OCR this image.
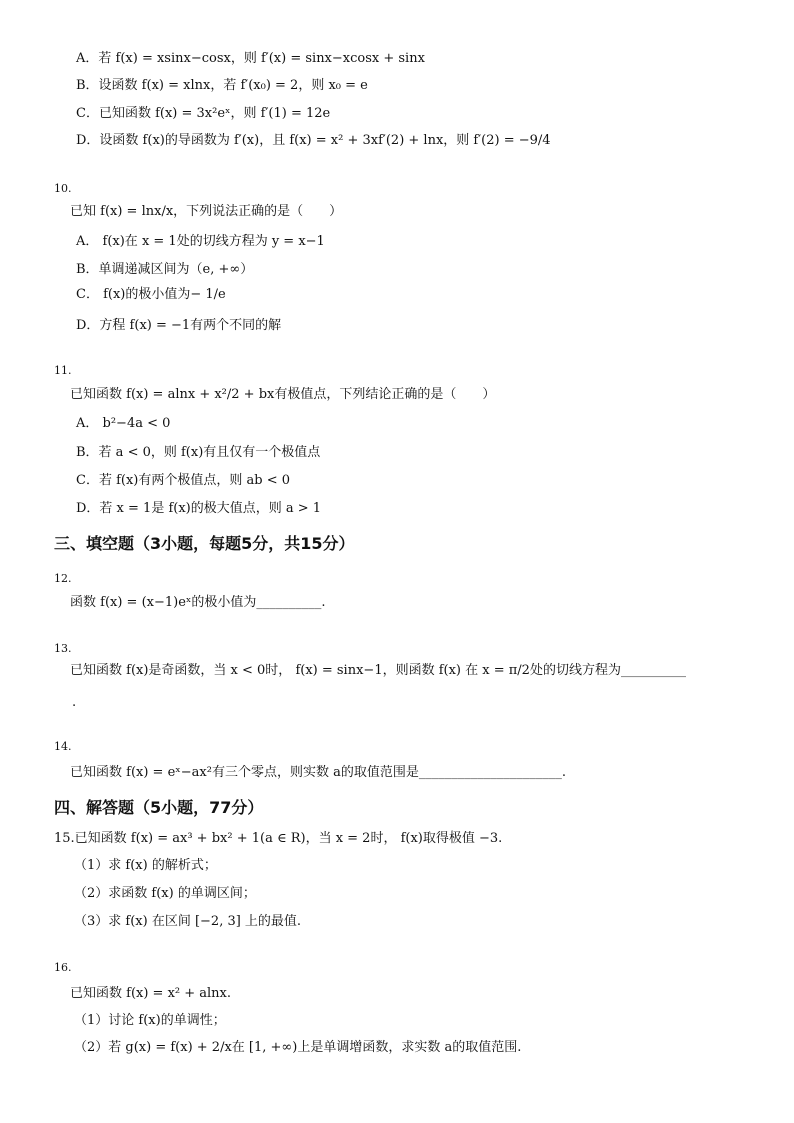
A．若 f(x) = xsinx−cosx，则 f′(x) = sinx−xcosx + sinx
B．设函数 f(x) = xlnx，若 f′(x₀) = 2，则 x₀ = e
C．已知函数 f(x) = 3x²eˣ，则 f′(1) = 12e
D．设函数 f(x)的导函数为 f′(x)，且 f(x) = x² + 3xf′(2) + lnx，则 f′(2) = −9/4
10.
已知 f(x) = lnx/x，下列说法正确的是（　　）
A． f(x)在 x = 1处的切线方程为 y = x−1
B．单调递减区间为（e, +∞）
C． f(x)的极小值为− 1/e
D．方程 f(x) = −1有两个不同的解
11.
已知函数 f(x) = alnx + x²/2 + bx有极值点，下列结论正确的是（　　）
A． b²−4a < 0
B．若 a < 0，则 f(x)有且仅有一个极值点
C．若 f(x)有两个极值点，则 ab < 0
D．若 x = 1是 f(x)的极大值点，则 a > 1
三、填空题（3小题，每题5分，共15分）
12.
函数 f(x) = (x−1)eˣ的极小值为__________.
13.
已知函数 f(x)是奇函数，当 x < 0时， f(x) = sinx−1，则函数 f(x) 在 x = π/2处的切线方程为__________
.
14.
已知函数 f(x) = eˣ−ax²有三个零点，则实数 a的取值范围是______________________.
四、解答题（5小题，77分）
15.已知函数 f(x) = ax³ + bx² + 1(a ∈ R)，当 x = 2时， f(x)取得极值 −3.
（1）求 f(x) 的解析式；
（2）求函数 f(x) 的单调区间；
（3）求 f(x) 在区间 [−2, 3] 上的最值.
16.
已知函数 f(x) = x² + alnx.
（1）讨论 f(x)的单调性；
（2）若 g(x) = f(x) + 2/x在 [1, +∞)上是单调增函数，求实数 a的取值范围.
